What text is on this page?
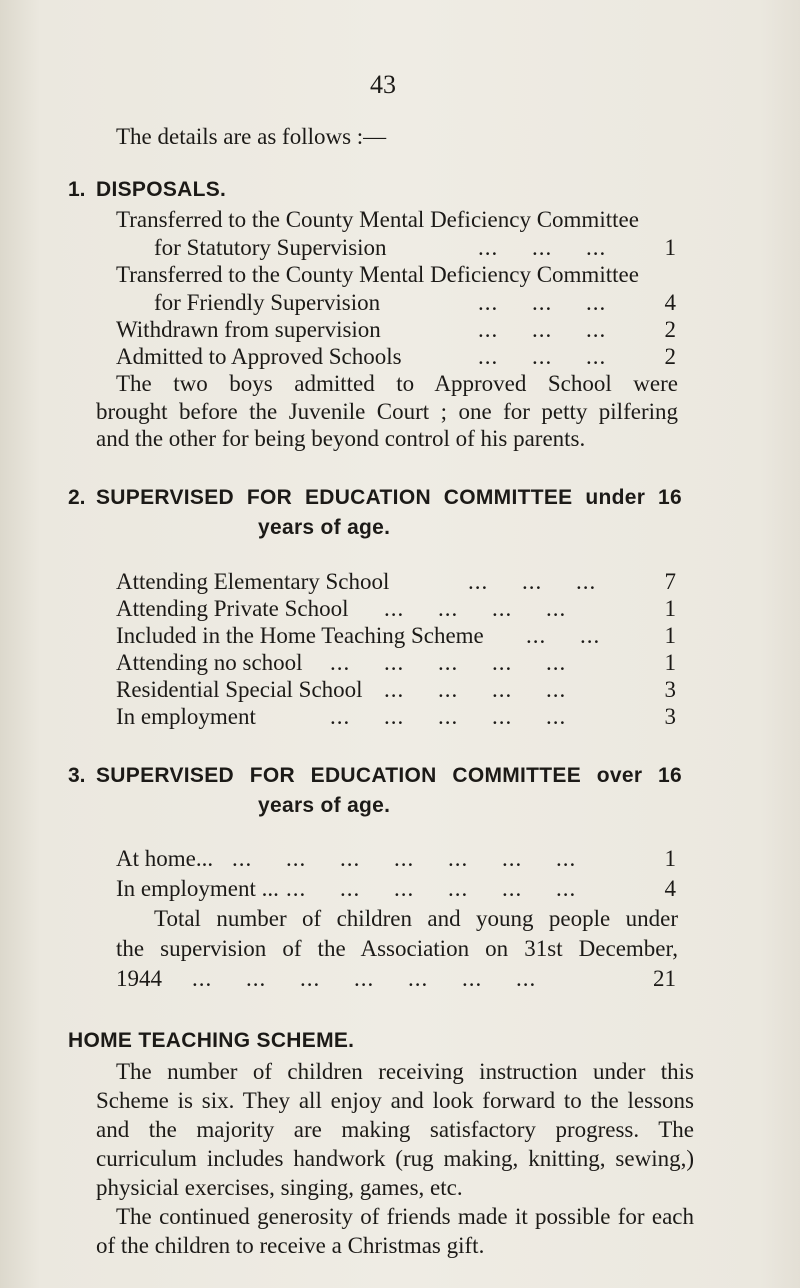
43
The details are as follows :—
1. DISPOSALS.
Transferred to the County Mental Deficiency Committee
for Statutory Supervision	...     ...     ...	1
Transferred to the County Mental Deficiency Committee
for Friendly Supervision	...     ...     ...	4
Withdrawn from supervision	...     ...     ...	2
Admitted to Approved Schools	...     ...     ...	2
The two boys admitted to Approved School were
brought before the Juvenile Court ; one for petty pilfering
and the other for being beyond control of his parents.
2. SUPERVISED FOR EDUCATION COMMITTEE under 16
years of age.
Attending Elementary School	...     ...     ...	7
Attending Private School ...     ...     ...     ...	1
Included in the Home Teaching Scheme ...     ...	1
Attending no school ...     ...     ...     ...     ...	1
Residential Special School ...     ...     ...     ...	3
In employment	...     ...     ...     ...     ...	3
3. SUPERVISED FOR EDUCATION COMMITTEE over 16
years of age.
At home... ...     ...     ...     ...     ...     ...     ...	1
In employment ... ...     ...     ...     ...     ...     ...	4
Total number of children and young people under
the supervision of the Association on 31st December,
1944 ...     ...     ...     ...     ...     ...     ...	21
HOME TEACHING SCHEME.
The number of children receiving instruction under this Scheme is six. They all enjoy and look forward to the lessons and the majority are making satisfactory progress. The curriculum includes handwork (rug making, knitting, sewing,) physicial exercises, singing, games, etc.
The continued generosity of friends made it possible for each of the children to receive a Christmas gift.
